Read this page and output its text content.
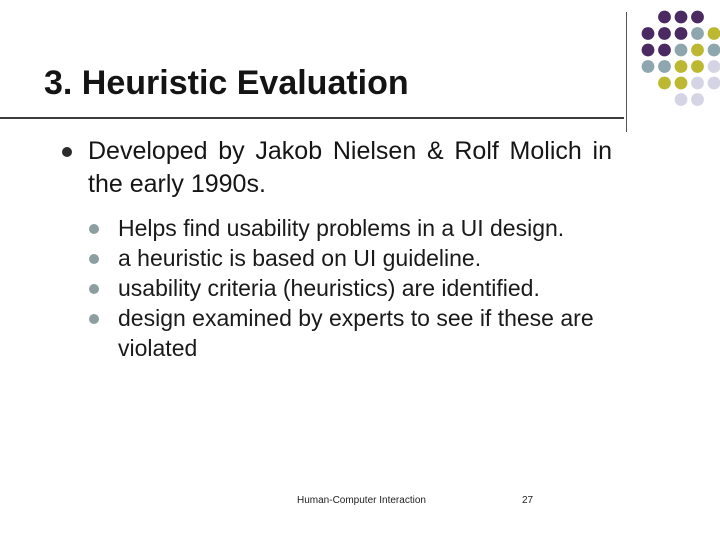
3. Heuristic Evaluation
Developed by Jakob Nielsen & Rolf Molich in the early 1990s.
Helps find usability problems in a UI design.
a heuristic is based on UI guideline.
usability criteria (heuristics) are identified.
design examined by experts to see if these are violated
Human-Computer Interaction	27
